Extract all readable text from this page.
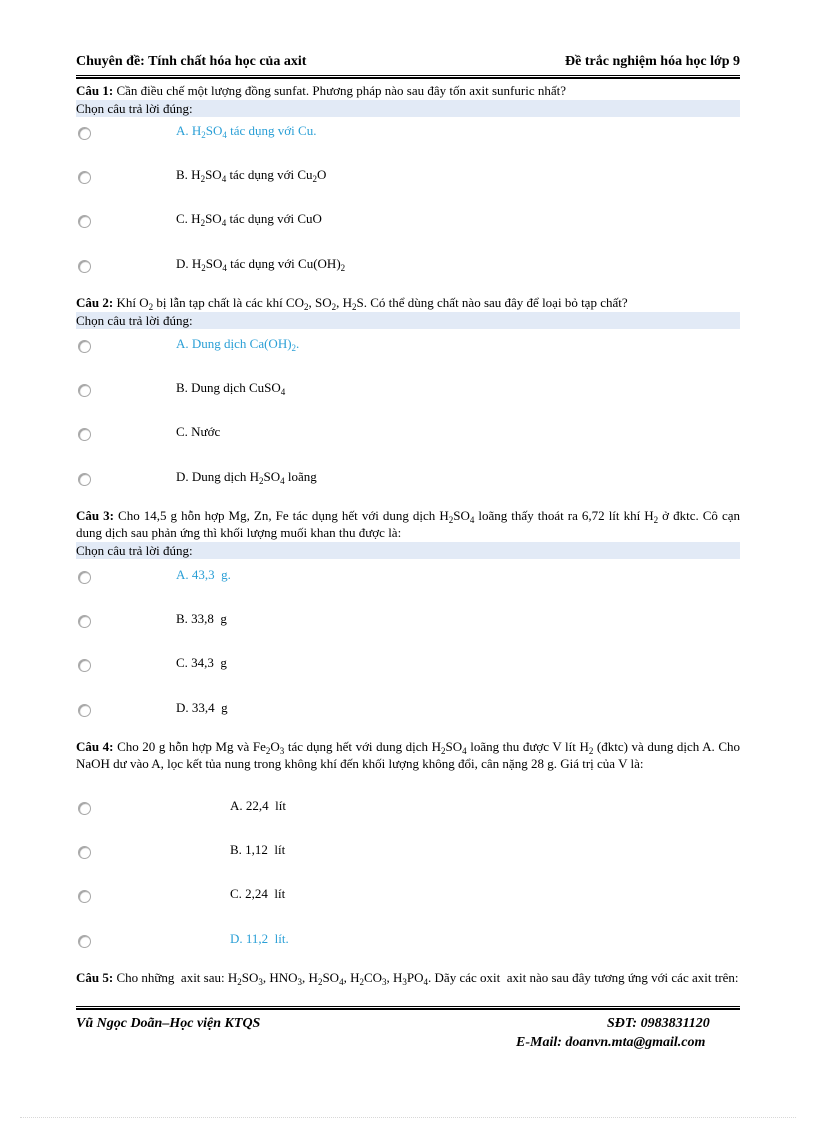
Chuyên đề: Tính chất hóa học của axit	Đề trắc nghiệm hóa học lớp 9
Câu 1: Cần điều chế một lượng đồng sunfat. Phương pháp nào sau đây tốn axit sunfuric nhất?
Chọn câu trả lời đúng:
A. $H_2SO_4$ tác dụng với Cu.
B. $H_2SO_4$ tác dụng với $Cu_2O$
C. $H_2SO_4$ tác dụng với CuO
D. $H_2SO_4$ tác dụng với $Cu(OH)_2$
Câu 2: Khí $O_2$ bị lẫn tạp chất là các khí $CO_2$, $SO_2$, $H_2S$. Có thể dùng chất nào sau đây để loại bỏ tạp chất?
Chọn câu trả lời đúng:
A. Dung dịch $Ca(OH)_2$.
B. Dung dịch CuSO$_4$
C. Nước
D. Dung dịch $H_2SO_4$ loãng
Câu 3: Cho 14,5 g hỗn hợp Mg, Zn, Fe tác dụng hết với dung dịch $H_2SO_4$ loãng thấy thoát ra 6,72 lít khí $H_2$ ở đktc. Cô cạn dung dịch sau phản ứng thì khối lượng muối khan thu được là:
Chọn câu trả lời đúng:
A. 43,3  g.
B. 33,8  g
C. 34,3  g
D. 33,4  g
Câu 4: Cho 20 g hỗn hợp Mg và $Fe_2O_3$ tác dụng hết với dung dịch $H_2SO_4$ loãng thu được V lít $H_2$ (đktc) và dung dịch A. Cho NaOH dư vào A, lọc kết tủa nung trong không khí đến khối lượng không đổi, cân nặng 28 g. Giá trị của V là:
A. 22,4  lít
B. 1,12  lít
C. 2,24  lít
D. 11,2  lít.
Câu 5: Cho những  axit sau: $H_2SO_3$, $HNO_3$, $H_2SO_4$, $H_2CO_3$, $H_3PO_4$. Dãy các oxit  axit nào sau đây tương ứng với các axit trên:
Vũ Ngọc Doãn–Học viện KTQS	SĐT: 0983831120
E-Mail: doanvn.mta@gmail.com
